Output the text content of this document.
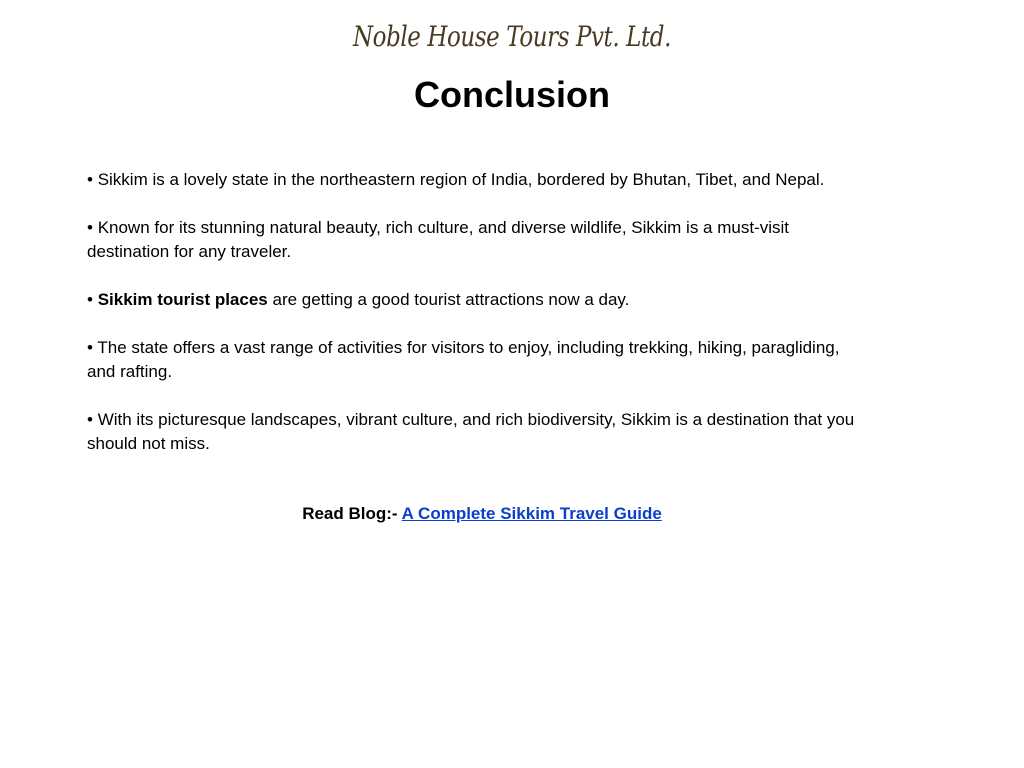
Noble House Tours Pvt. Ltd.
Conclusion

• Sikkim is a lovely state in the northeastern region of India, bordered by Bhutan, Tibet, and Nepal.

• Known for its stunning natural beauty, rich culture, and diverse wildlife, Sikkim is a must-visit destination for any traveler.

• Sikkim tourist places are getting a good tourist attractions now a day.

• The state offers a vast range of activities for visitors to enjoy, including trekking, hiking, paragliding, and rafting.

• With its picturesque landscapes, vibrant culture, and rich biodiversity, Sikkim is a destination that you should not miss.

Read Blog:- A Complete Sikkim Travel Guide
